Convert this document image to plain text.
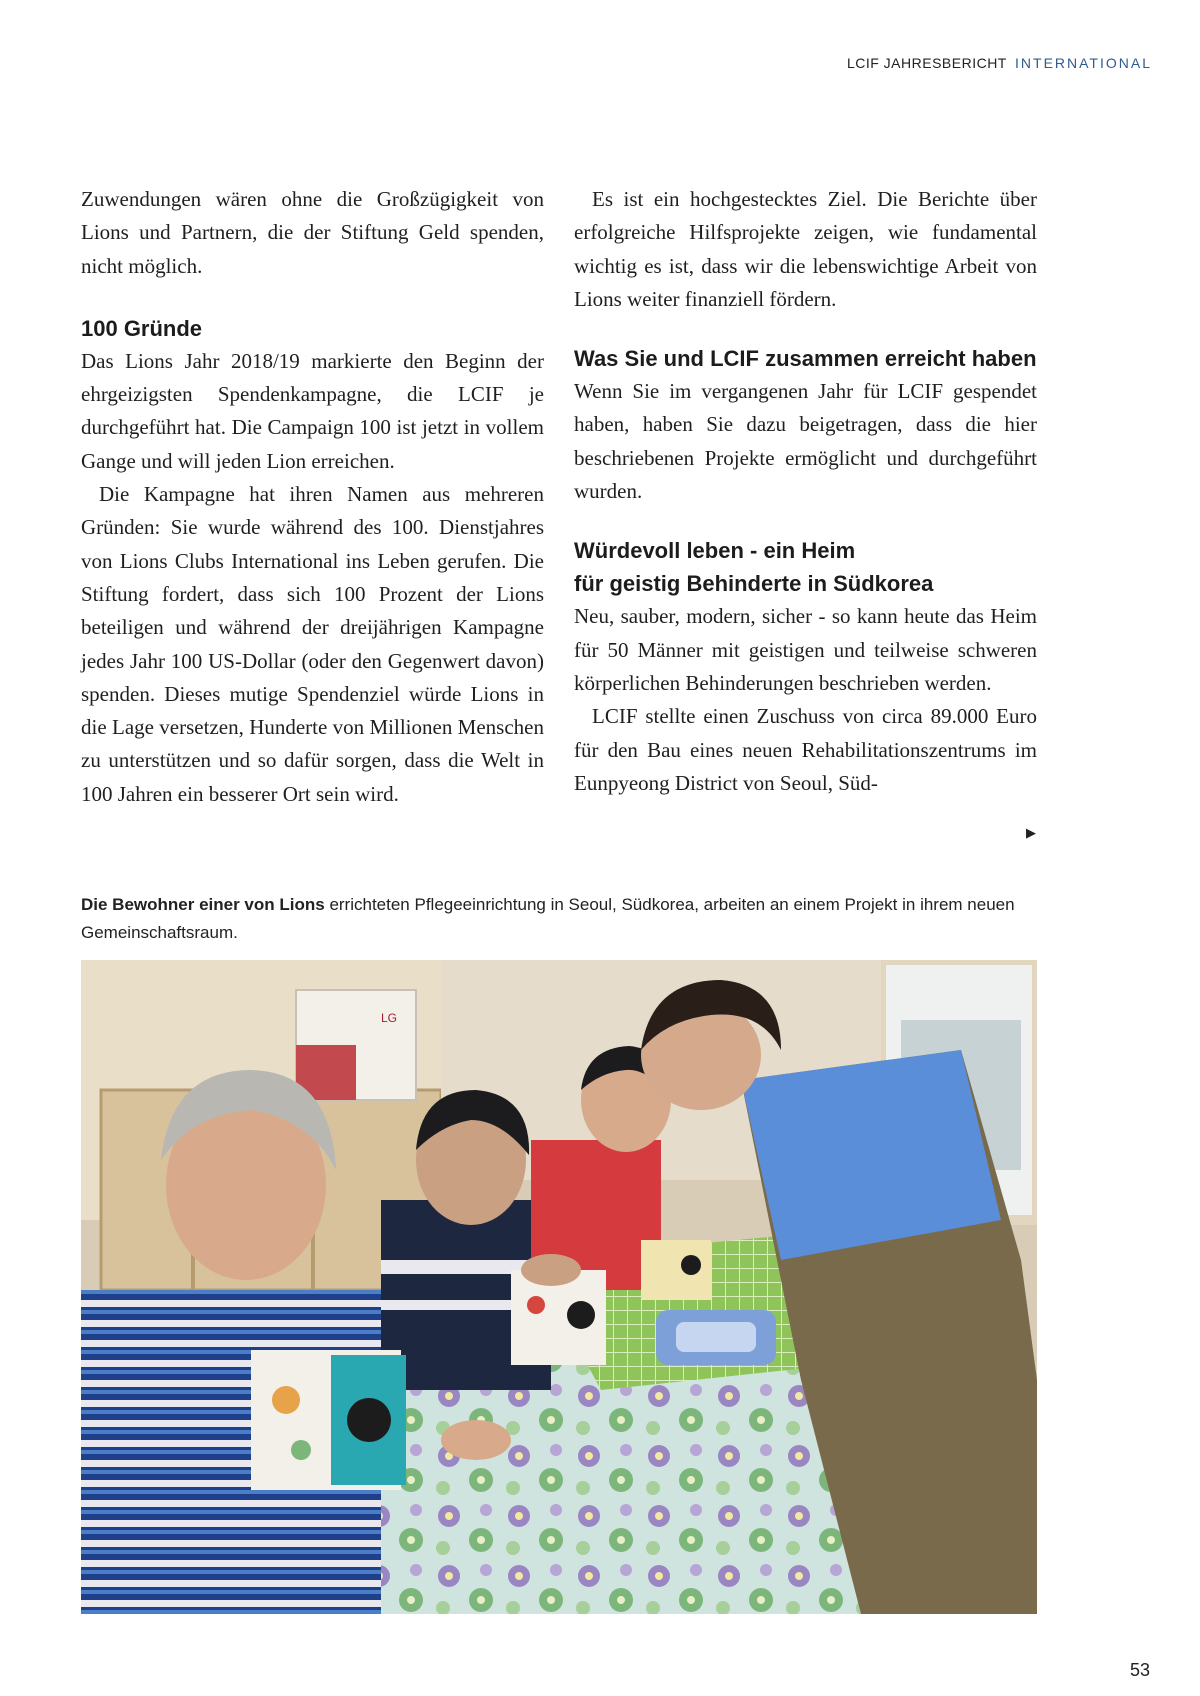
LCIF JAHRESBERICHT INTERNATIONAL

Zuwendungen wären ohne die Großzügigkeit von Lions und Partnern, die der Stiftung Geld spenden, nicht möglich.

100 Gründe

Das Lions Jahr 2018/19 markierte den Beginn der ehrgeizigsten Spendenkampagne, die LCIF je durchgeführt hat. Die Campaign 100 ist jetzt in vollem Gange und will jeden Lion erreichen.

Die Kampagne hat ihren Namen aus mehreren Gründen: Sie wurde während des 100. Dienstjahres von Lions Clubs International ins Leben gerufen. Die Stiftung fordert, dass sich 100 Prozent der Lions beteiligen und während der dreijährigen Kampagne jedes Jahr 100 US-Dollar (oder den Gegenwert davon) spenden. Dieses mutige Spendenziel würde Lions in die Lage versetzen, Hunderte von Millionen Menschen zu unterstützen und so dafür sorgen, dass die Welt in 100 Jahren ein besserer Ort sein wird.

Es ist ein hochgestecktes Ziel. Die Berichte über erfolgreiche Hilfsprojekte zeigen, wie fundamental wichtig es ist, dass wir die lebenswichtige Arbeit von Lions weiter finanziell fördern.

Was Sie und LCIF zusammen erreicht haben

Wenn Sie im vergangenen Jahr für LCIF gespendet haben, haben Sie dazu beigetragen, dass die hier beschriebenen Projekte ermöglicht und durchgeführt wurden.

Würdevoll leben - ein Heim
für geistig Behinderte in Südkorea

Neu, sauber, modern, sicher - so kann heute das Heim für 50 Männer mit geistigen und teilweise schweren körperlichen Behinderungen beschrieben werden.

LCIF stellte einen Zuschuss von circa 89.000 Euro für den Bau eines neuen Rehabilitationszentrums im Eunpyeong District von Seoul, Süd-

▶
Die Bewohner einer von Lions errichteten Pflegeeinrichtung in Seoul, Südkorea, arbeiten an einem Projekt in ihrem neuen Gemeinschaftsraum.
LG
53
